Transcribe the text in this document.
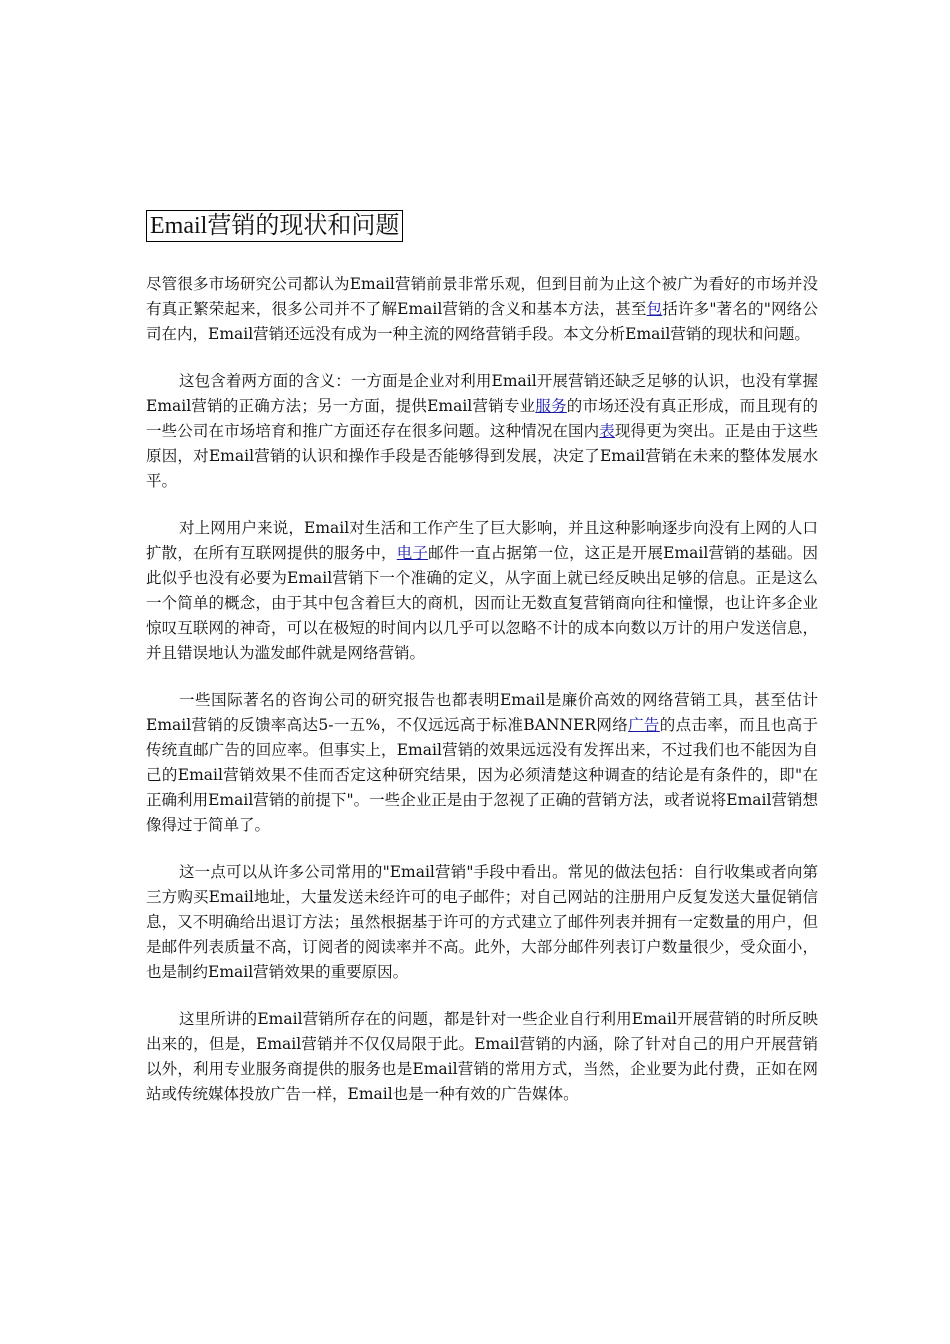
Email营销的现状和问题

尽管很多市场研究公司都认为Email营销前景非常乐观，但到目前为止这个被广为看好的市场并没有真正繁荣起来，很多公司并不了解Email营销的含义和基本方法，甚至包括许多"著名的"网络公司在内，Email营销还远没有成为一种主流的网络营销手段。本文分析Email营销的现状和问题。

这包含着两方面的含义：一方面是企业对利用Email开展营销还缺乏足够的认识，也没有掌握Email营销的正确方法；另一方面，提供Email营销专业服务的市场还没有真正形成，而且现有的一些公司在市场培育和推广方面还存在很多问题。这种情况在国内表现得更为突出。正是由于这些原因，对Email营销的认识和操作手段是否能够得到发展，决定了Email营销在未来的整体发展水平。

对上网用户来说，Email对生活和工作产生了巨大影响，并且这种影响逐步向没有上网的人口扩散，在所有互联网提供的服务中，电子邮件一直占据第一位，这正是开展Email营销的基础。因此似乎也没有必要为Email营销下一个准确的定义，从字面上就已经反映出足够的信息。正是这么一个简单的概念，由于其中包含着巨大的商机，因而让无数直复营销商向往和憧憬，也让许多企业惊叹互联网的神奇，可以在极短的时间内以几乎可以忽略不计的成本向数以万计的用户发送信息，并且错误地认为滥发邮件就是网络营销。

一些国际著名的咨询公司的研究报告也都表明Email是廉价高效的网络营销工具，甚至估计Email营销的反馈率高达5-一五%，不仅远远高于标准BANNER网络广告的点击率，而且也高于传统直邮广告的回应率。但事实上，Email营销的效果远远没有发挥出来，不过我们也不能因为自己的Email营销效果不佳而否定这种研究结果，因为必须清楚这种调查的结论是有条件的，即"在正确利用Email营销的前提下"。一些企业正是由于忽视了正确的营销方法，或者说将Email营销想像得过于简单了。

这一点可以从许多公司常用的"Email营销"手段中看出。常见的做法包括：自行收集或者向第三方购买Email地址，大量发送未经许可的电子邮件；对自己网站的注册用户反复发送大量促销信息，又不明确给出退订方法；虽然根据基于许可的方式建立了邮件列表并拥有一定数量的用户，但是邮件列表质量不高，订阅者的阅读率并不高。此外，大部分邮件列表订户数量很少，受众面小，也是制约Email营销效果的重要原因。

这里所讲的Email营销所存在的问题，都是针对一些企业自行利用Email开展营销的时所反映出来的，但是，Email营销并不仅仅局限于此。Email营销的内涵，除了针对自己的用户开展营销以外，利用专业服务商提供的服务也是Email营销的常用方式，当然，企业要为此付费，正如在网站或传统媒体投放广告一样，Email也是一种有效的广告媒体。
